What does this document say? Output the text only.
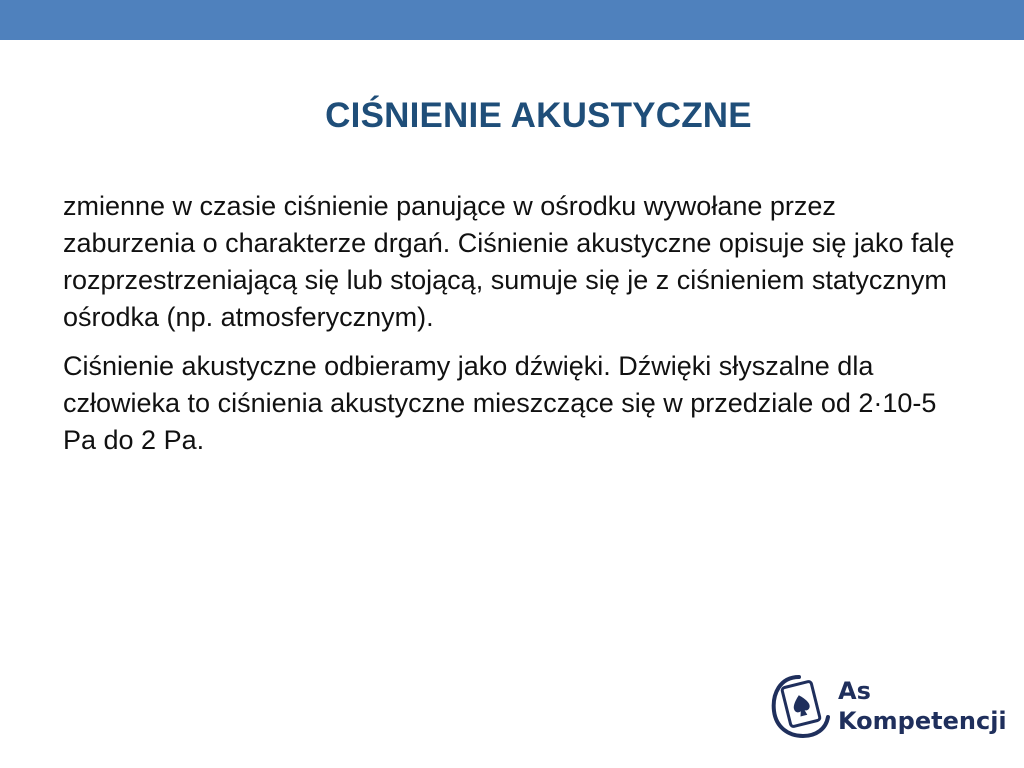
CIŚNIENIE AKUSTYCZNE

zmienne w czasie ciśnienie panujące w ośrodku wywołane przez zaburzenia o charakterze drgań. Ciśnienie akustyczne opisuje się jako falę rozprzestrzeniającą się lub stojącą, sumuje się je z ciśnieniem statycznym ośrodka (np. atmosferycznym).

Ciśnienie akustyczne odbieramy jako dźwięki. Dźwięki słyszalne dla człowieka to ciśnienia akustyczne mieszczące się w przedziale od 2·10-5 Pa do 2 Pa.

As
Kompetencji
